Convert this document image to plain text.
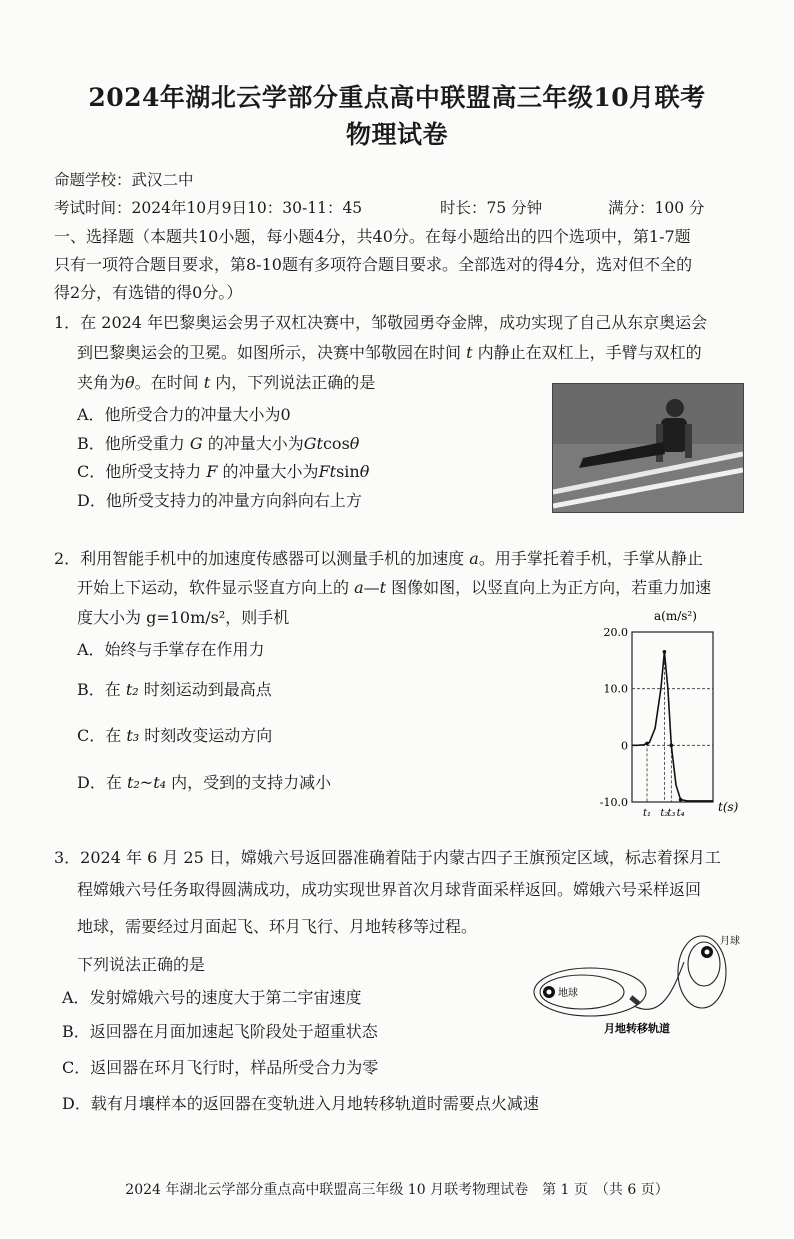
2024年湖北云学部分重点高中联盟高三年级10月联考
物理试卷
命题学校：武汉二中
考试时间：2024年10月9日10：30-11：45	时长：75 分钟	满分：100 分
一、选择题（本题共10小题，每小题4分，共40分。在每小题给出的四个选项中，第1-7题
只有一项符合题目要求，第8-10题有多项符合题目要求。全部选对的得4分，选对但不全的
得2分，有选错的得0分。）
1．在 2024 年巴黎奥运会男子双杠决赛中，邹敬园勇夺金牌，成功实现了自己从东京奥运会
到巴黎奥运会的卫冕。如图所示，决赛中邹敬园在时间 t 内静止在双杠上，手臂与双杠的
夹角为θ。在时间 t 内，下列说法正确的是
A．他所受合力的冲量大小为0
B．他所受重力 G 的冲量大小为Gtcosθ
C．他所受支持力 F 的冲量大小为Ftsinθ
D．他所受支持力的冲量方向斜向右上方
2．利用智能手机中的加速度传感器可以测量手机的加速度 a。用手掌托着手机，手掌从静止
开始上下运动，软件显示竖直方向上的 a—t 图像如图，以竖直向上为正方向，若重力加速
度大小为 g=10m/s²，则手机
A．始终与手掌存在作用力
B．在 t₂ 时刻运动到最高点
C．在 t₃ 时刻改变运动方向
D．在 t₂~t₄ 内，受到的支持力减小
a(m/s²)
20.0
10.0
0
-10.0
t₁ t₂
t₃ t₄	t(s)
3．2024 年 6 月 25 日，嫦娥六号返回器准确着陆于内蒙古四子王旗预定区域，标志着探月工
程嫦娥六号任务取得圆满成功，成功实现世界首次月球背面采样返回。嫦娥六号采样返回
地球，需要经过月面起飞、环月飞行、月地转移等过程。
下列说法正确的是
A．发射嫦娥六号的速度大于第二宇宙速度
B．返回器在月面加速起飞阶段处于超重状态
C．返回器在环月飞行时，样品所受合力为零
D．载有月壤样本的返回器在变轨进入月地转移轨道时需要点火减速
地球
月球
月地转移轨道
2024 年湖北云学部分重点高中联盟高三年级 10 月联考物理试卷　第 1 页　（共 6 页）
